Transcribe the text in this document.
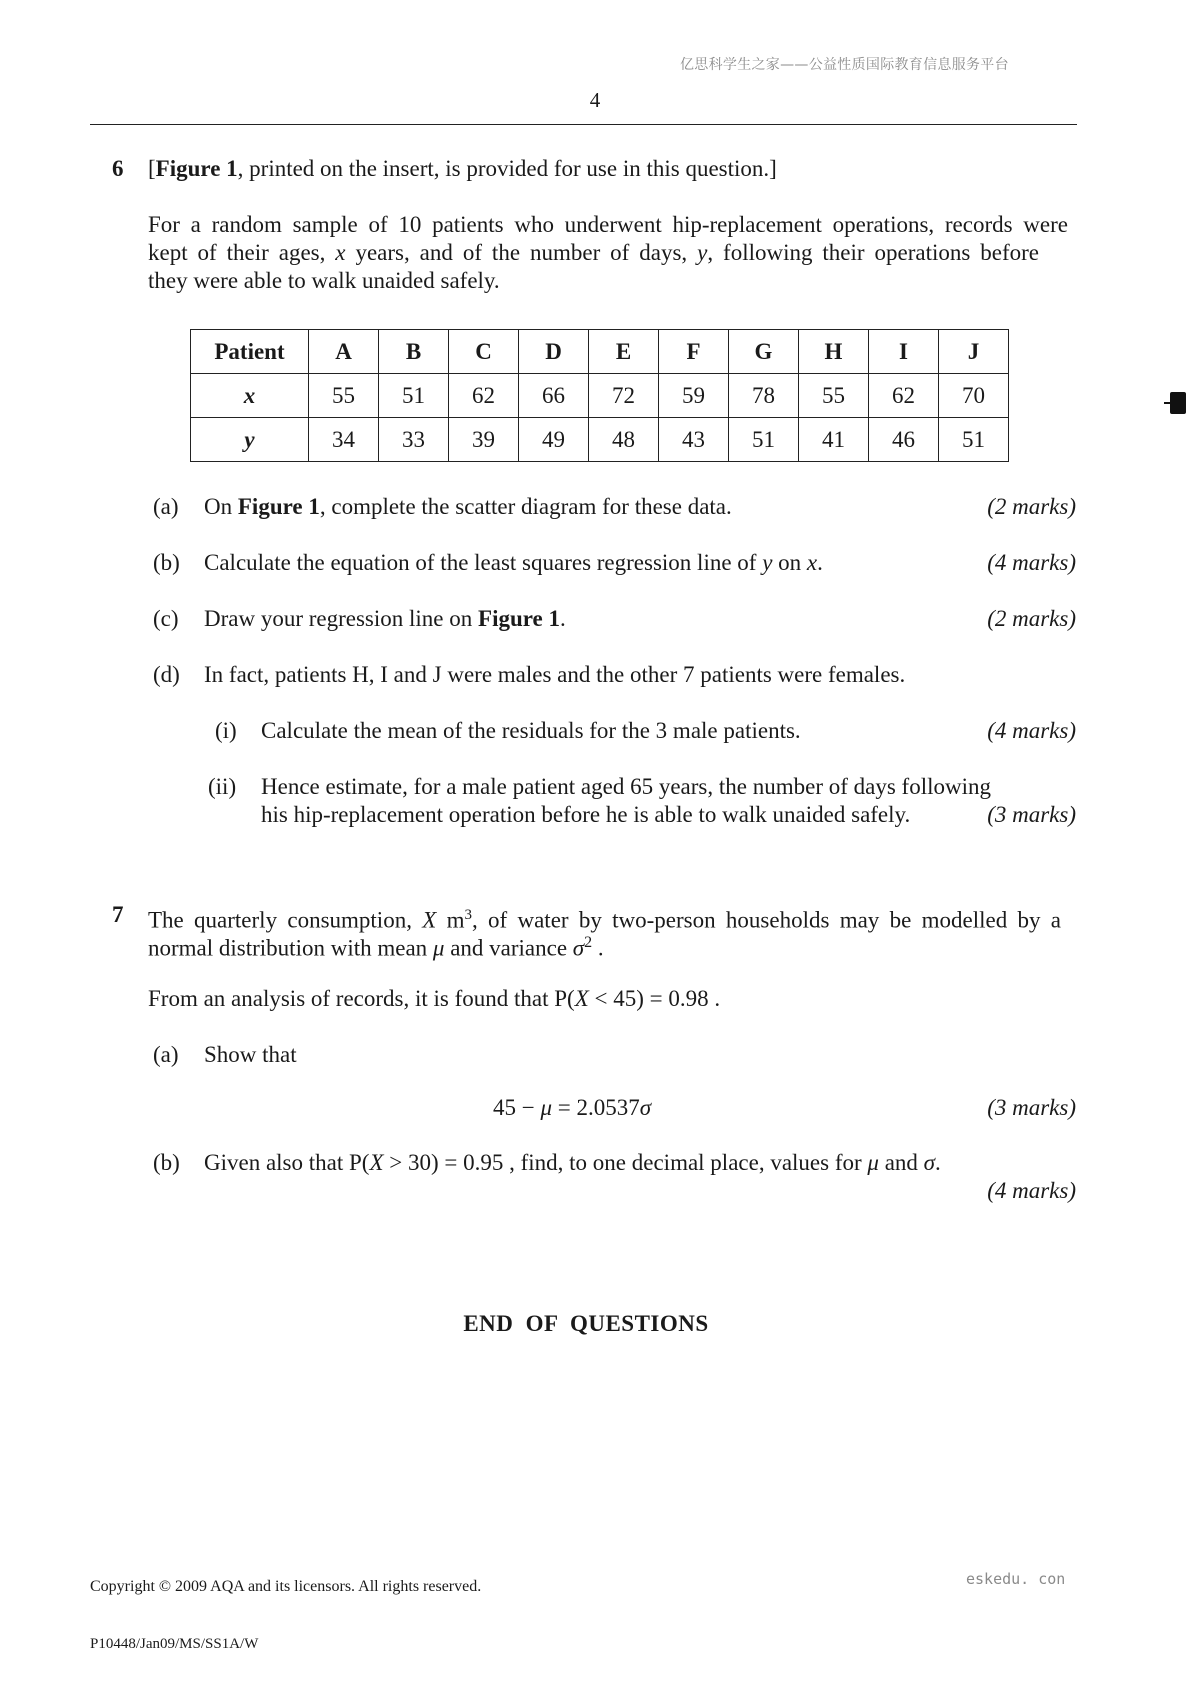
亿思科学生之家——公益性质国际教育信息服务平台
4
6 [Figure 1, printed on the insert, is provided for use in this question.]
For a random sample of 10 patients who underwent hip-replacement operations, records were
kept of their ages, x years, and of the number of days, y, following their operations before
they were able to walk unaided safely.
Patient	A	B	C	D	E	F	G	H	I	J
x	55	51	62	66	72	59	78	55	62	70
y	34	33	39	49	48	43	51	41	46	51
(a) On Figure 1, complete the scatter diagram for these data.	(2 marks)
(b) Calculate the equation of the least squares regression line of y on x.	(4 marks)
(c) Draw your regression line on Figure 1.	(2 marks)
(d) In fact, patients H, I and J were males and the other 7 patients were females.
(i) Calculate the mean of the residuals for the 3 male patients.	(4 marks)
(ii) Hence estimate, for a male patient aged 65 years, the number of days following
his hip-replacement operation before he is able to walk unaided safely.	(3 marks)
7 The quarterly consumption, X $m^3$, of water by two-person households may be modelled by a
normal distribution with mean μ and variance $\sigma^2$ .
From an analysis of records, it is found that P(X < 45) = 0.98 .
(a) Show that
45 − μ = 2.0537σ	(3 marks)
(b) Given also that P(X > 30) = 0.95 , find, to one decimal place, values for μ and σ.
(4 marks)
END OF QUESTIONS
eskedu. con
Copyright © 2009 AQA and its licensors. All rights reserved.
P10448/Jan09/MS/SS1A/W
